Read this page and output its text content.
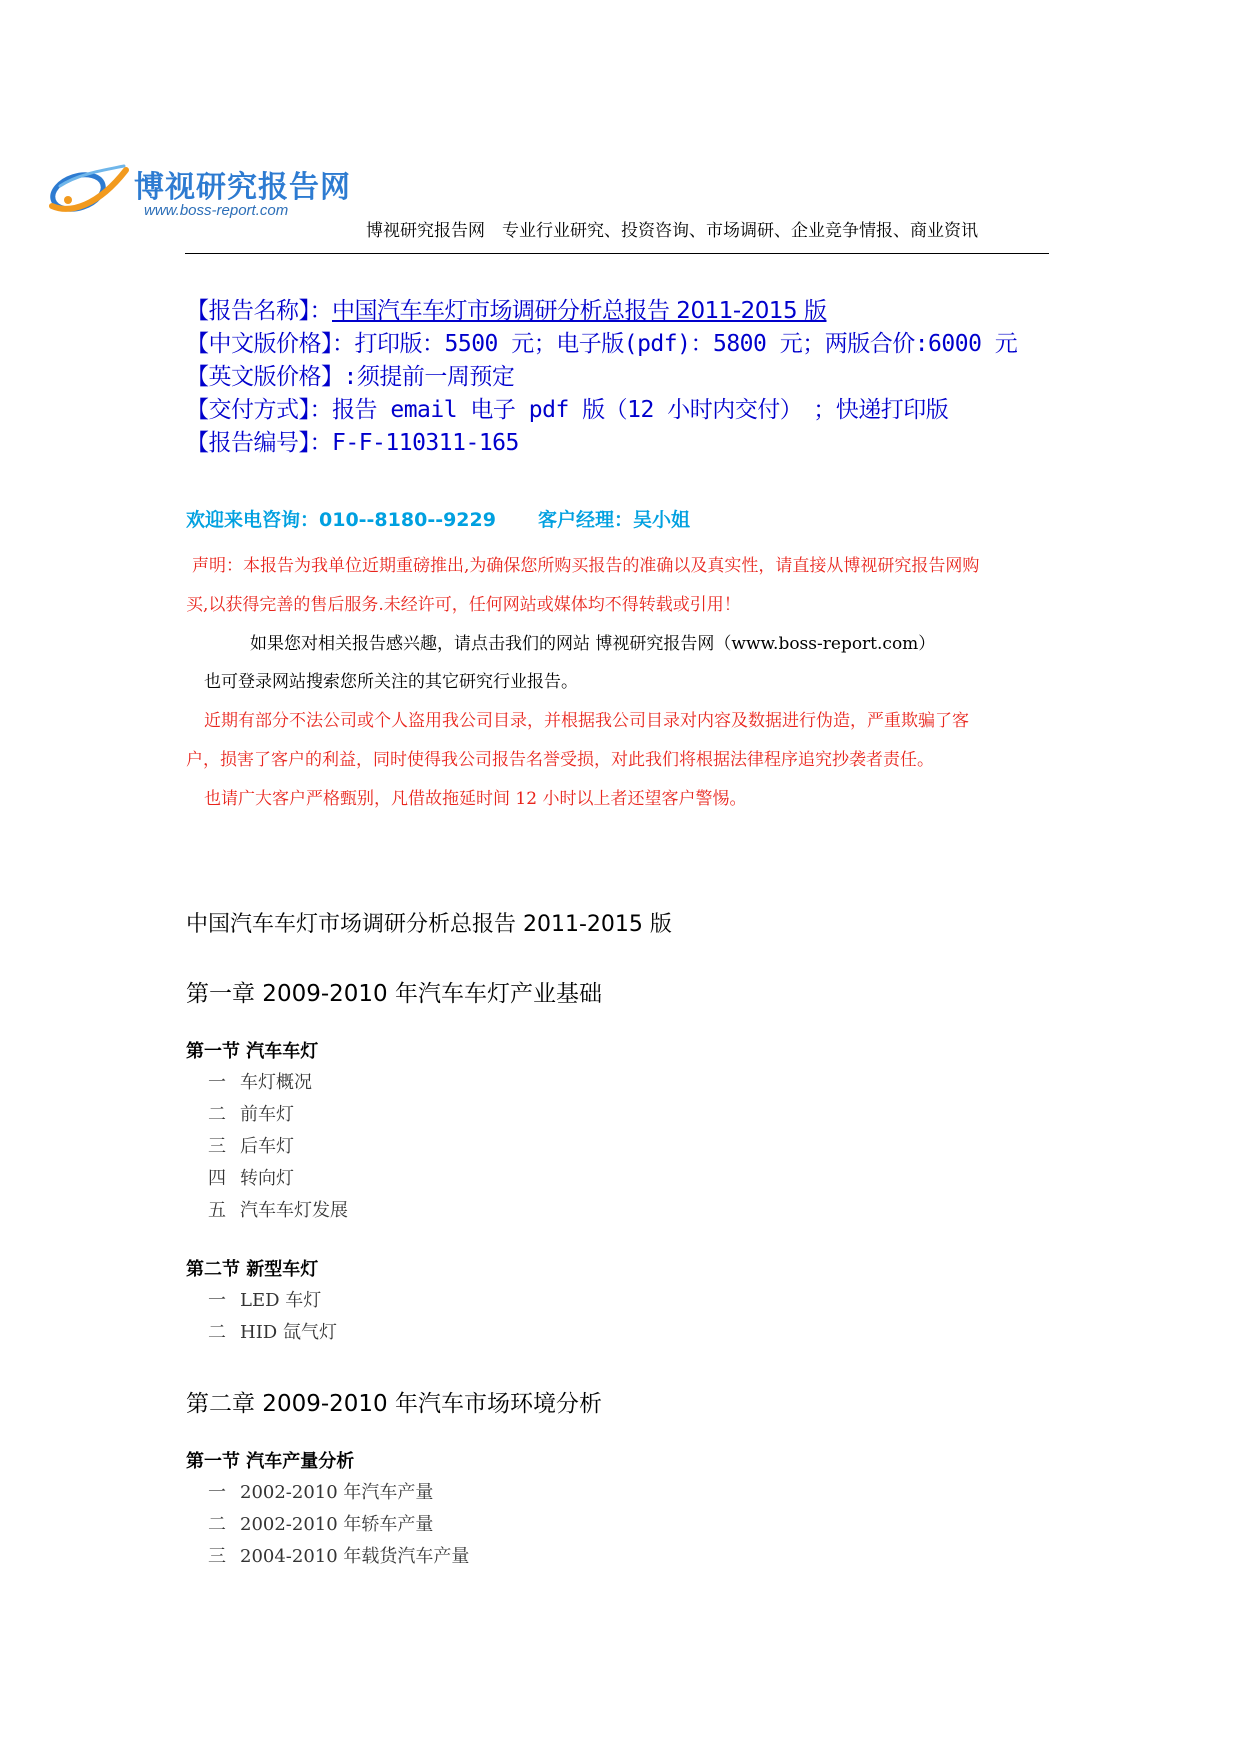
博视研究报告网
www.boss-report.com
博视研究报告网　专业行业研究、投资咨询、市场调研、企业竞争情报、商业资讯
【报告名称】：中国汽车车灯市场调研分析总报告 2011-2015 版
【中文版价格】：打印版：5500 元；电子版(pdf)：5800 元；两版合价:6000 元
【英文版价格】:须提前一周预定
【交付方式】：报告 email 电子 pdf 版（12 小时内交付）　；快递打印版
【报告编号】：F-F-110311-165
欢迎来电咨询：010--8180--9229 客户经理：吴小姐
声明：本报告为我单位近期重磅推出,为确保您所购买报告的准确以及真实性，请直接从博视研究报告网购
买,以获得完善的售后服务.未经许可，任何网站或媒体均不得转载或引用！
如果您对相关报告感兴趣，请点击我们的网站 博视研究报告网（www.boss-report.com）
也可登录网站搜索您所关注的其它研究行业报告。
近期有部分不法公司或个人盗用我公司目录，并根据我公司目录对内容及数据进行伪造，严重欺骗了客
户，损害了客户的利益，同时使得我公司报告名誉受损，对此我们将根据法律程序追究抄袭者责任。
也请广大客户严格甄别，凡借故拖延时间 12 小时以上者还望客户警惕。
中国汽车车灯市场调研分析总报告 2011-2015 版
第一章 2009-2010 年汽车车灯产业基础
第一节 汽车车灯
一 车灯概况
二 前车灯
三 后车灯
四 转向灯
五 汽车车灯发展
第二节 新型车灯
一 LED 车灯
二 HID 氙气灯
第二章 2009-2010 年汽车市场环境分析
第一节 汽车产量分析
一 2002-2010 年汽车产量
二 2002-2010 年轿车产量
三 2004-2010 年载货汽车产量
